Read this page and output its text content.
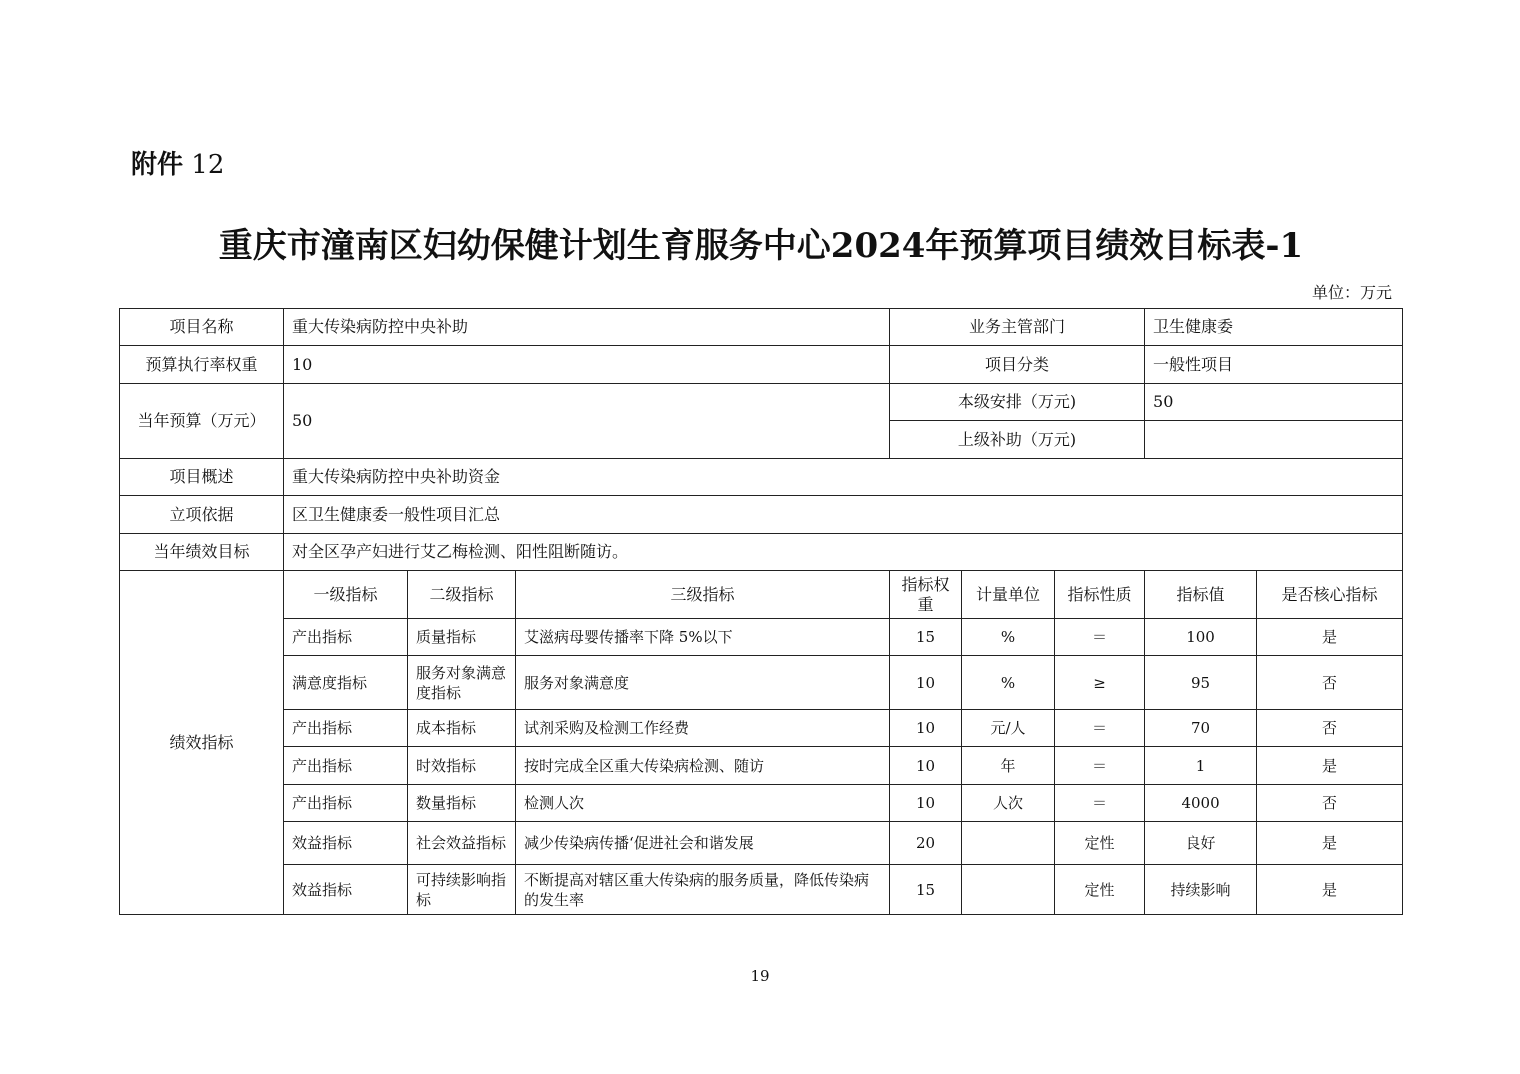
附件 12
重庆市潼南区妇幼保健计划生育服务中心2024年预算项目绩效目标表-1
单位：万元
项目名称	重大传染病防控中央补助			业务主管部门			卫生健康委	
预算执行率权重	10			项目分类			一般性项目	
当年预算（万元）	50			本级安排（万元)			50	
				上级补助（万元)				
项目概述	重大传染病防控中央补助资金							
立项依据	区卫生健康委一般性项目汇总							
当年绩效目标	对全区孕产妇进行艾乙梅检测、阳性阻断随访。							
绩效指标	一级指标	二级指标	三级指标	指标权重	计量单位	指标性质	指标值	是否核心指标
	产出指标	质量指标	艾滋病母婴传播率下降 5%以下	15	%	＝	100	是
	满意度指标	服务对象满意度指标	服务对象满意度	10	%	≥	95	否
	产出指标	成本指标	试剂采购及检测工作经费	10	元/人	＝	70	否
	产出指标	时效指标	按时完成全区重大传染病检测、随访	10	年	＝	1	是
	产出指标	数量指标	检测人次	10	人次	＝	4000	否
	效益指标	社会效益指标	减少传染病传播‘促进社会和谐发展	20		定性	良好	是
	效益指标	可持续影响指标	不断提高对辖区重大传染病的服务质量，降低传染病的发生率	15		定性	持续影响	是
19
